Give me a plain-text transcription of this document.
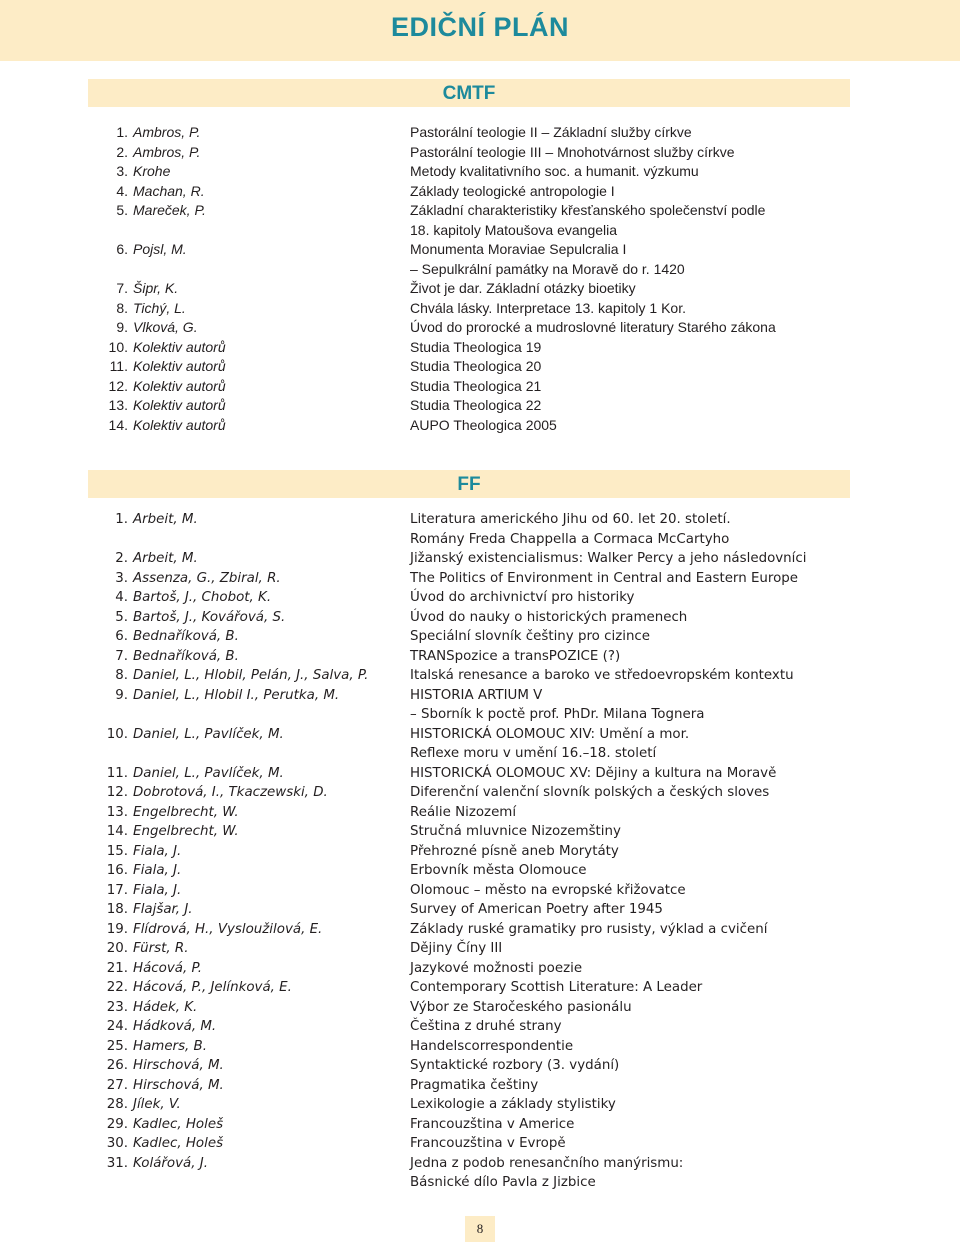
EDIČNÍ PLÁN
CMTF
1. Ambros, P.	Pastorální teologie II – Základní služby církve
2. Ambros, P.	Pastorální teologie III – Mnohotvárnost služby církve
3. Krohe	Metody kvalitativního soc. a humanit. výzkumu
4. Machan, R.	Základy teologické antropologie I
5. Mareček, P.	Základní charakteristiky křesťanského společenství podle
18. kapitoly Matoušova evangelia
6. Pojsl, M.	Monumenta Moraviae Sepulcralia I
– Sepulkrální památky na Moravě do r. 1420
7. Šipr, K.	Život je dar. Základní otázky bioetiky
8. Tichý, L.	Chvála lásky. Interpretace 13. kapitoly 1 Kor.
9. Vlková, G.	Úvod do prorocké a mudroslovné literatury Starého zákona
10. Kolektiv autorů	Studia Theologica 19
11. Kolektiv autorů	Studia Theologica 20
12. Kolektiv autorů	Studia Theologica 21
13. Kolektiv autorů	Studia Theologica 22
14. Kolektiv autorů	AUPO Theologica 2005
FF
1. Arbeit, M.	Literatura amerického Jihu od 60. let 20. století.
Romány Freda Chappella a Cormaca McCartyho
2. Arbeit, M.	Jižanský existencialismus: Walker Percy a jeho následovníci
3. Assenza, G., Zbiral, R.	The Politics of Environment in Central and Eastern Europe
4. Bartoš, J., Chobot, K.	Úvod do archivnictví pro historiky
5. Bartoš, J., Kovářová, S.	Úvod do nauky o historických pramenech
6. Bednaříková, B.	Speciální slovník češtiny pro cizince
7. Bednaříková, B.	TRANSpozice a transPOZICE (?)
8. Daniel, L., Hlobil, Pelán, J., Salva, P.	Italská renesance a baroko ve středoevropském kontextu
9. Daniel, L., Hlobil I., Perutka, M.	HISTORIA ARTIUM V
– Sborník k poctě prof. PhDr. Milana Tognera
10. Daniel, L., Pavlíček, M.	HISTORICKÁ OLOMOUC XIV: Umění a mor.
Reflexe moru v umění 16.–18. století
11. Daniel, L., Pavlíček, M.	HISTORICKÁ OLOMOUC XV: Dějiny a kultura na Moravě
12. Dobrotová, I., Tkaczewski, D.	Diferenční valenční slovník polských a českých sloves
13. Engelbrecht, W.	Reálie Nizozemí
14. Engelbrecht, W.	Stručná mluvnice Nizozemštiny
15. Fiala, J.	Přehrozné písně aneb Morytáty
16. Fiala, J.	Erbovník města Olomouce
17. Fiala, J.	Olomouc – město na evropské křižovatce
18. Flajšar, J.	Survey of American Poetry after 1945
19. Flídrová, H., Vysloužilová, E.	Základy ruské gramatiky pro rusisty, výklad a cvičení
20. Fürst, R.	Dějiny Číny III
21. Hácová, P.	Jazykové možnosti poezie
22. Hácová, P., Jelínková, E.	Contemporary Scottish Literature: A Leader
23. Hádek, K.	Výbor ze Staročeského pasionálu
24. Hádková, M.	Čeština z druhé strany
25. Hamers, B.	Handelscorrespondentie
26. Hirschová, M.	Syntaktické rozbory (3. vydání)
27. Hirschová, M.	Pragmatika češtiny
28. Jílek, V.	Lexikologie a základy stylistiky
29. Kadlec, Holeš	Francouzština v Americe
30. Kadlec, Holeš	Francouzština v Evropě
31. Kolářová, J.	Jedna z podob renesančního manýrismu:
Básnické dílo Pavla z Jizbice
8
